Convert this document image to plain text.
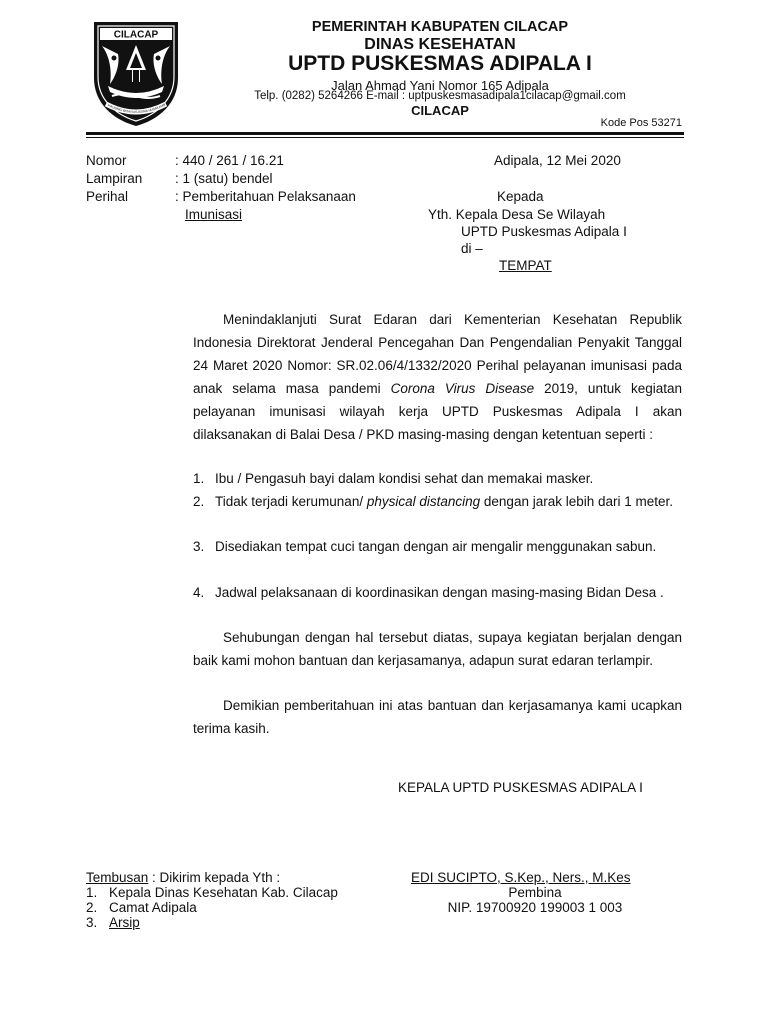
CILACAP
HAUNING WIJAYA KUSUMA NUSAKAMB
PEMERINTAH KABUPATEN CILACAP
DINAS KESEHATAN
UPTD PUSKESMAS ADIPALA I
Jalan Ahmad Yani Nomor 165 Adipala
Telp. (0282) 5264266 E-mail : uptpuskesmasadipala1cilacap@gmail.com
CILACAP
Kode Pos 53271
Nomor	: 440 / 261 / 16.21
Lampiran : 1 (satu) bendel
Perihal	: Pemberitahuan Pelaksanaan
Imunisasi
Adipala, 12 Mei 2020
Kepada
Yth. Kepala Desa Se Wilayah
UPTD Puskesmas Adipala I
di –
TEMPAT
Menindaklanjuti Surat Edaran dari Kementerian Kesehatan Republik Indonesia Direktorat Jenderal Pencegahan Dan Pengendalian Penyakit Tanggal 24 Maret 2020 Nomor: SR.02.06/4/1332/2020 Perihal pelayanan imunisasi pada anak selama masa pandemi Corona Virus Disease 2019, untuk kegiatan pelayanan imunisasi wilayah kerja UPTD Puskesmas Adipala I akan dilaksanakan di Balai Desa / PKD masing-masing dengan ketentuan seperti :
1. Ibu / Pengasuh bayi dalam kondisi sehat dan memakai masker.
2. Tidak terjadi kerumunan/ physical distancing dengan jarak lebih dari 1 meter.
3. Disediakan tempat cuci tangan dengan air mengalir menggunakan sabun.
4. Jadwal pelaksanaan di koordinasikan dengan masing-masing Bidan Desa .
Sehubungan dengan hal tersebut diatas, supaya kegiatan berjalan dengan baik kami mohon bantuan dan kerjasamanya, adapun surat edaran terlampir.
Demikian pemberitahuan ini atas bantuan dan kerjasamanya kami ucapkan terima kasih.
KEPALA UPTD PUSKESMAS ADIPALA I
EDI SUCIPTO, S.Kep., Ners., M.Kes
Pembina
NIP. 19700920 199003 1 003
Tembusan : Dikirim kepada Yth :
1. Kepala Dinas Kesehatan Kab. Cilacap
2. Camat Adipala
3. Arsip
